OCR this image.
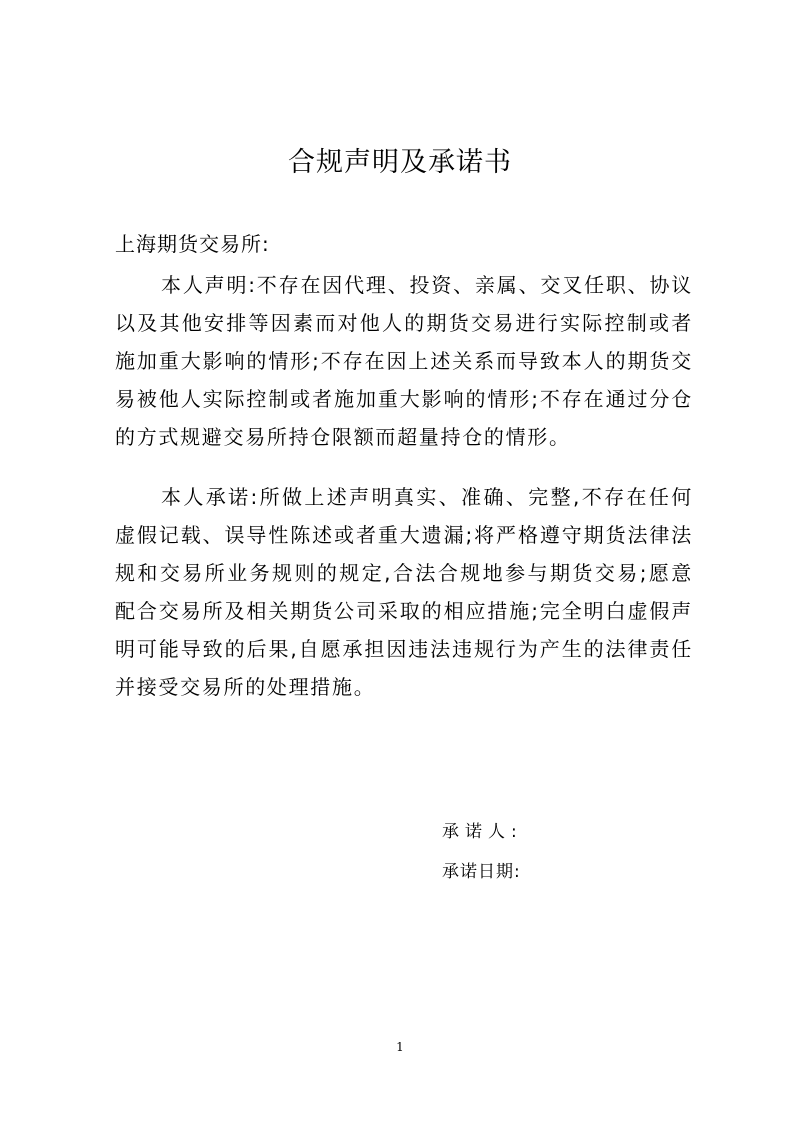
合规声明及承诺书
上海期货交易所:

本人声明:不存在因代理、投资、亲属、交叉任职、协议以及其他安排等因素而对他人的期货交易进行实际控制或者施加重大影响的情形;不存在因上述关系而导致本人的期货交易被他人实际控制或者施加重大影响的情形;不存在通过分仓的方式规避交易所持仓限额而超量持仓的情形。

本人承诺:所做上述声明真实、准确、完整,不存在任何虚假记载、误导性陈述或者重大遗漏;将严格遵守期货法律法规和交易所业务规则的规定,合法合规地参与期货交易;愿意配合交易所及相关期货公司采取的相应措施;完全明白虚假声明可能导致的后果,自愿承担因违法违规行为产生的法律责任并接受交易所的处理措施。

承诺人:
承诺日期:
1
